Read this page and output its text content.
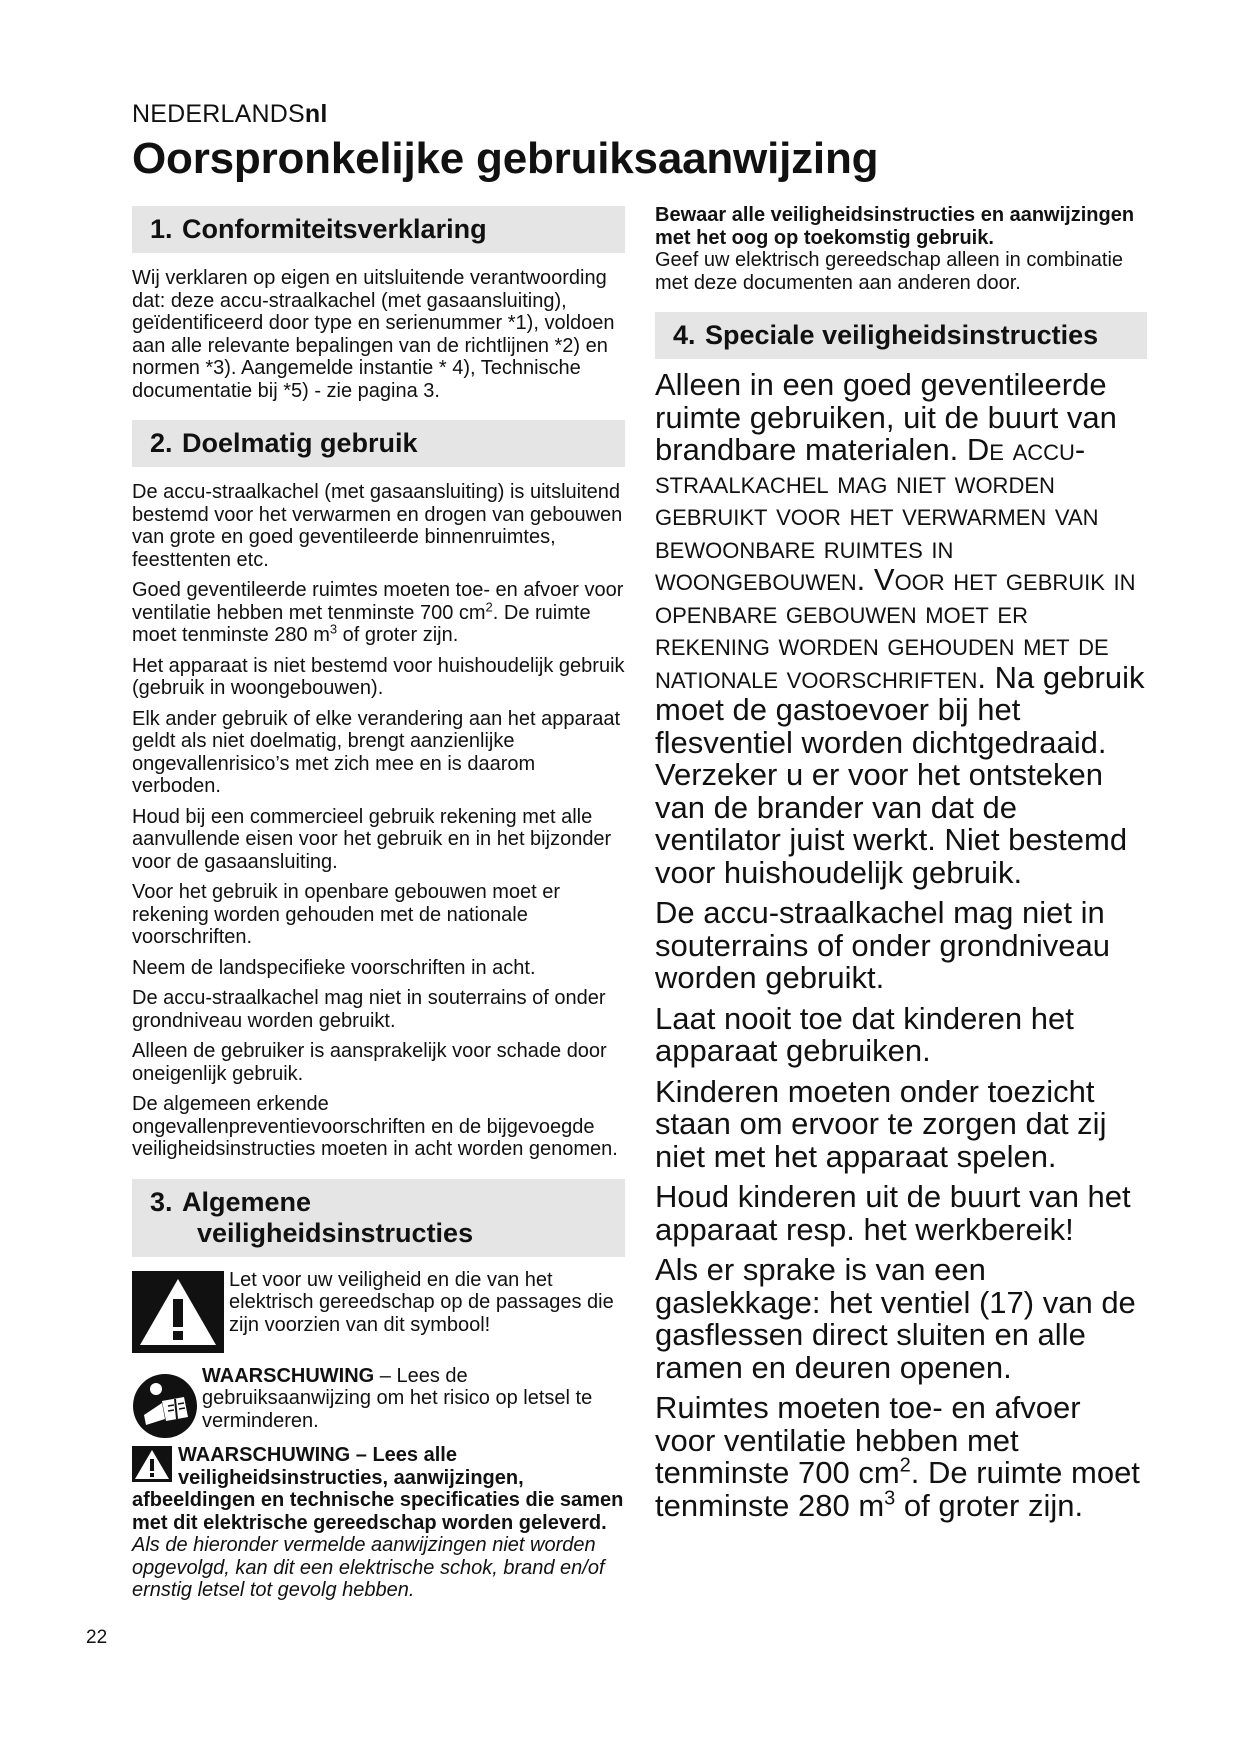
NEDERLANDSnl
Oorspronkelijke gebruiksaanwijzing
1. Conformiteitsverklaring

Wij verklaren op eigen en uitsluitende verantwoording dat: deze accu-straalkachel (met gasaansluiting), geïdentificeerd door type en serienummer *1), voldoen aan alle relevante bepalingen van de richtlijnen *2) en normen *3). Aangemelde instantie * 4), Technische documentatie bij *5) - zie pagina 3.

2. Doelmatig gebruik

De accu-straalkachel (met gasaansluiting) is uitsluitend bestemd voor het verwarmen en drogen van gebouwen van grote en goed geventileerde binnenruimtes, feesttenten etc.

Goed geventileerde ruimtes moeten toe- en afvoer voor ventilatie hebben met tenminste 700 $cm^2$. De ruimte moet tenminste 280 $m^3$ of groter zijn.

Het apparaat is niet bestemd voor huishoudelijk gebruik (gebruik in woongebouwen).

Elk ander gebruik of elke verandering aan het apparaat geldt als niet doelmatig, brengt aanzienlijke ongevallenrisico’s met zich mee en is daarom verboden.

Houd bij een commercieel gebruik rekening met alle aanvullende eisen voor het gebruik en in het bijzonder voor de gasaansluiting.

Voor het gebruik in openbare gebouwen moet er rekening worden gehouden met de nationale voorschriften.

Neem de landspecifieke voorschriften in acht.

De accu-straalkachel mag niet in souterrains of onder grondniveau worden gebruikt.

Alleen de gebruiker is aansprakelijk voor schade door oneigenlijk gebruik.

De algemeen erkende ongevallenpreventievoorschriften en de bijgevoegde veiligheidsinstructies moeten in acht worden genomen.

3. Algemene
veiligheidsinstructies

Let voor uw veiligheid en die van het elektrisch gereedschap op de passages die zijn voorzien van dit symbool!

WAARSCHUWING – Lees de gebruiksaanwijzing om het risico op letsel te verminderen.

WAARSCHUWING – Lees alle veiligheidsinstructies, aanwijzingen, afbeeldingen en technische specificaties die samen met dit elektrische gereedschap worden geleverd. Als de hieronder vermelde aanwijzingen niet worden opgevolgd, kan dit een elektrische schok, brand en/of ernstig letsel tot gevolg hebben.

22

Bewaar alle veiligheidsinstructies en aanwijzingen met het oog op toekomstig gebruik.

Geef uw elektrisch gereedschap alleen in combinatie met deze documenten aan anderen door.

4. Speciale veiligheidsinstructies

Alleen in een goed geventileerde ruimte gebruiken, uit de buurt van brandbare materialen. De accu-straalkachel mag niet worden gebruikt voor het verwarmen van bewoonbare ruimtes in woongebouwen. Voor het gebruik in openbare gebouwen moet er rekening worden gehouden met de nationale voorschriften. Na gebruik moet de gastoevoer bij het flesventiel worden dichtgedraaid. Verzeker u er voor het ontsteken van de brander van dat de ventilator juist werkt. Niet bestemd voor huishoudelijk gebruik.

De accu-straalkachel mag niet in souterrains of onder grondniveau worden gebruikt.

Laat nooit toe dat kinderen het apparaat gebruiken.

Kinderen moeten onder toezicht staan om ervoor te zorgen dat zij niet met het apparaat spelen.

Houd kinderen uit de buurt van het apparaat resp. het werkbereik!

Als er sprake is van een gaslekkage: het ventiel (17) van de gasflessen direct sluiten en alle ramen en deuren openen.

Ruimtes moeten toe- en afvoer voor ventilatie hebben met tenminste 700 $cm^2$. De ruimte moet tenminste 280 $m^3$ of groter zijn.
